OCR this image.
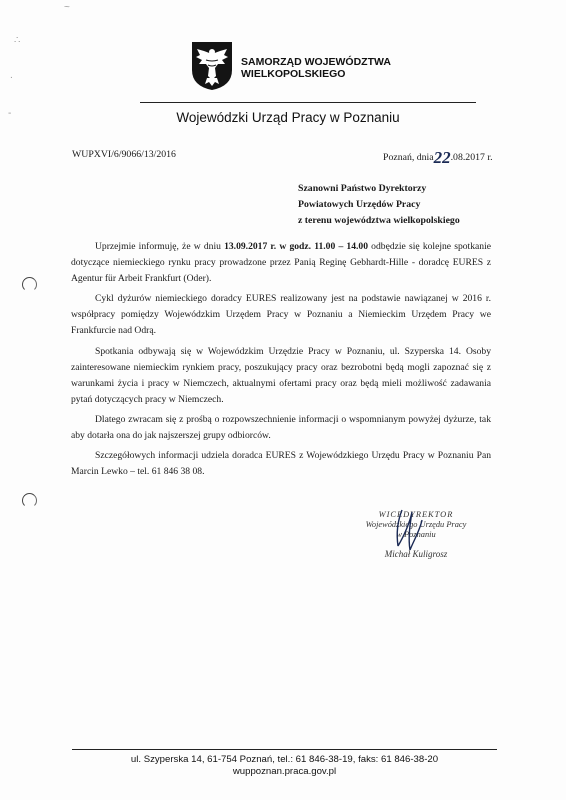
~
∴
.
-
SAMORZĄD WOJEWÓDZTWA
WIELKOPOLSKIEGO
Wojewódzki Urząd Pracy w Poznaniu
WUPXVI/6/9066/13/2016	Poznań, dnia22.08.2017 r.
Szanowni Państwo Dyrektorzy
Powiatowych Urzędów Pracy
z terenu województwa wielkopolskiego

Uprzejmie informuję, że w dniu 13.09.2017 r. w godz. 11.00 – 14.00 odbędzie się kolejne spotkanie dotyczące niemieckiego rynku pracy prowadzone przez Panią Reginę Gebhardt-Hille - doradcę EURES z Agentur für Arbeit Frankfurt (Oder).

Cykl dyżurów niemieckiego doradcy EURES realizowany jest na podstawie nawiązanej w 2016 r. współpracy pomiędzy Wojewódzkim Urzędem Pracy w Poznaniu a Niemieckim Urzędem Pracy we Frankfurcie nad Odrą.

Spotkania odbywają się w Wojewódzkim Urzędzie Pracy w Poznaniu, ul. Szyperska 14. Osoby zainteresowane niemieckim rynkiem pracy, poszukujący pracy oraz bezrobotni będą mogli zapoznać się z warunkami życia i pracy w Niemczech, aktualnymi ofertami pracy oraz będą mieli możliwość zadawania pytań dotyczących pracy w Niemczech.

Dlatego zwracam się z prośbą o rozpowszechnienie informacji o wspomnianym powyżej dyżurze, tak aby dotarła ona do jak najszerszej grupy odbiorców.

Szczegółowych informacji udziela doradca EURES z Wojewódzkiego Urzędu Pracy w Poznaniu Pan Marcin Lewko – tel. 61 846 38 08.

WICEDYREKTOR
Wojewódzkiego Urzędu Pracy
w Poznaniu
Michał Kuligrosz
ul. Szyperska 14, 61-754 Poznań, tel.: 61 846-38-19, faks: 61 846-38-20
wuppoznan.praca.gov.pl
